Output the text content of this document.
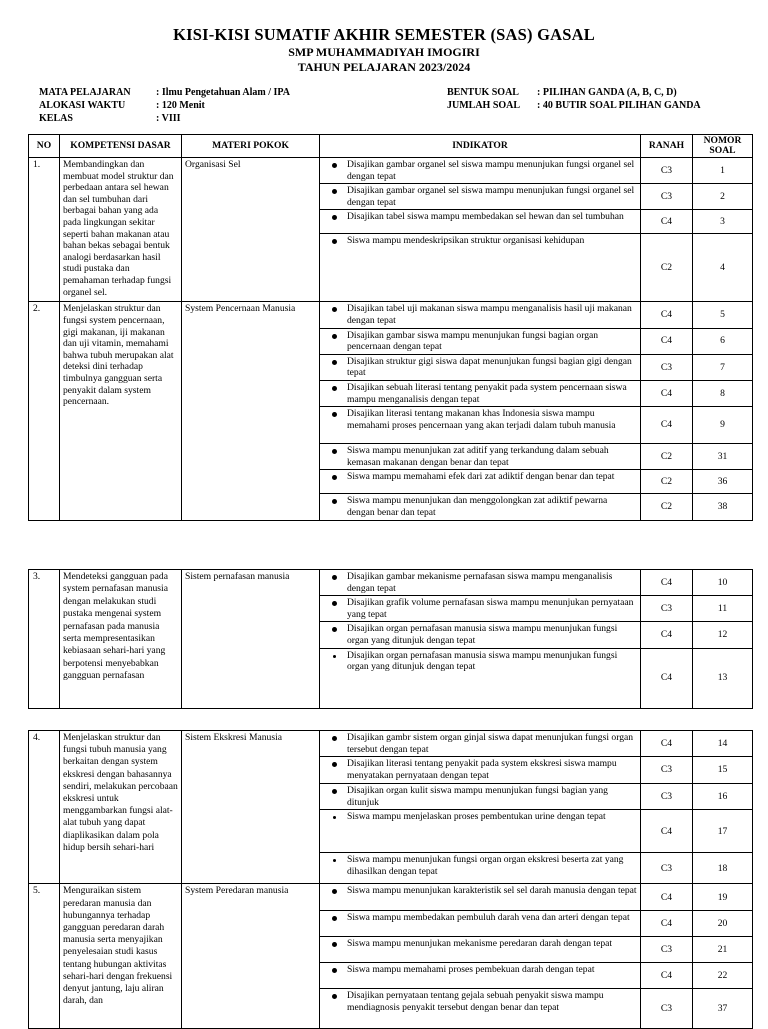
KISI-KISI SUMATIF AKHIR SEMESTER (SAS) GASAL
SMP MUHAMMADIYAH IMOGIRI
TAHUN PELAJARAN 2023/2024
MATA PELAJARAN	: Ilmu Pengetahuan Alam / IPA
ALOKASI WAKTU	: 120 Menit
KELAS	: VIII
BENTUK SOAL	: PILIHAN GANDA (A, B, C, D)
JUMLAH SOAL	: 40 BUTIR SOAL PILIHAN GANDA
NO	KOMPETENSI DASAR	MATERI POKOK	INDIKATOR	RANAH	NOMOR SOAL
1.	Membandingkan dan membuat model struktur dan perbedaan antara sel hewan dan sel tumbuhan dari berbagai bahan yang ada pada lingkungan sekitar seperti bahan makanan atau bahan bekas sebagai bentuk analogi berdasarkan hasil studi pustaka dan pemahaman terhadap fungsi organel sel.	Organisasi Sel	Disajikan gambar organel sel siswa mampu menunjukan fungsi organel sel dengan tepat	C3	1
			Disajikan gambar organel sel siswa mampu menunjukan fungsi organel sel dengan tepat	C3	2
			Disajikan tabel siswa mampu membedakan sel hewan dan sel tumbuhan	C4	3
			Siswa mampu mendeskripsikan struktur organisasi kehidupan	C2	4
2.	Menjelaskan struktur dan fungsi system pencernaan, gigi makanan, iji makanan dan uji vitamin, memahami bahwa tubuh merupakan alat deteksi dini terhadap timbulnya gangguan serta penyakit dalam system pencernaan.	System Pencernaan Manusia	Disajikan tabel uji makanan siswa mampu menganalisis hasil uji makanan dengan tepat	C4	5
			Disajikan gambar siswa mampu menunjukan fungsi bagian organ pencernaan dengan tepat	C4	6
			Disajikan struktur gigi siswa dapat menunjukan fungsi bagian gigi dengan tepat	C3	7
			Disajikan sebuah literasi tentang penyakit pada system pencernaan siswa mampu menganalisis dengan tepat	C4	8
			Disajikan literasi tentang makanan khas Indonesia siswa mampu memahami proses pencernaan yang akan terjadi dalam tubuh manusia	C4	9
			Siswa mampu menunjukan zat aditif yang terkandung dalam sebuah kemasan makanan dengan benar dan tepat	C2	31
			Siswa mampu memahami efek dari zat adiktif dengan benar dan tepat	C2	36
			Siswa mampu menunjukan dan menggolongkan zat adiktif pewarna dengan benar dan tepat	C2	38
3.	Mendeteksi gangguan pada system pernafasan manusia dengan melakukan studi pustaka mengenai system pernafasan pada manusia serta mempresentasikan kebiasaan sehari-hari yang berpotensi menyebabkan gangguan pernafasan	Sistem pernafasan manusia	Disajikan gambar mekanisme pernafasan siswa mampu menganalisis dengan tepat	C4	10
			Disajikan grafik volume pernafasan siswa mampu menunjukan pernyataan yang tepat	C3	11
			Disajikan organ pernafasan manusia siswa mampu menunjukan fungsi organ yang ditunjuk dengan tepat	C4	12
			Disajikan organ pernafasan manusia siswa mampu menunjukan fungsi organ yang ditunjuk dengan tepat	C4	13
4.	Menjelaskan struktur dan fungsi tubuh manusia yang berkaitan dengan system ekskresi dengan bahasannya sendiri, melakukan percobaan ekskresi untuk menggambarkan fungsi alat-alat tubuh yang dapat diaplikasikan dalam pola hidup bersih sehari-hari	Sistem Ekskresi Manusia	Disajikan gambr sistem organ ginjal siswa dapat menunjukan fungsi organ tersebut dengan tepat	C4	14
			Disajikan literasi tentang penyakit pada system ekskresi siswa mampu menyatakan pernyataan dengan tepat	C3	15
			Disajikan organ kulit siswa mampu menunjukan fungsi bagian yang ditunjuk	C3	16
			Siswa mampu menjelaskan proses pembentukan urine dengan tepat	C4	17
			Siswa mampu menunjukan fungsi organ organ ekskresi beserta zat yang dihasilkan dengan tepat	C3	18
5.	Menguraikan sistem peredaran manusia dan hubungannya terhadap gangguan peredaran darah manusia serta menyajikan penyelesaian studi kasus tentang hubungan aktivitas sehari-hari dengan frekuensi denyut jantung, laju aliran darah, dan	System Peredaran manusia	Siswa mampu menunjukan karakteristik sel sel darah manusia dengan tepat	C4	19
			Siswa mampu membedakan pembuluh darah vena dan arteri dengan tepat	C4	20
			Siswa mampu menunjukan mekanisme peredaran darah dengan tepat	C3	21
			Siswa mampu memahami proses pembekuan darah dengan tepat	C4	22
			Disajikan pernyataan tentang gejala sebuah penyakit siswa mampu mendiagnosis penyakit tersebut dengan benar dan tepat	C3	37
